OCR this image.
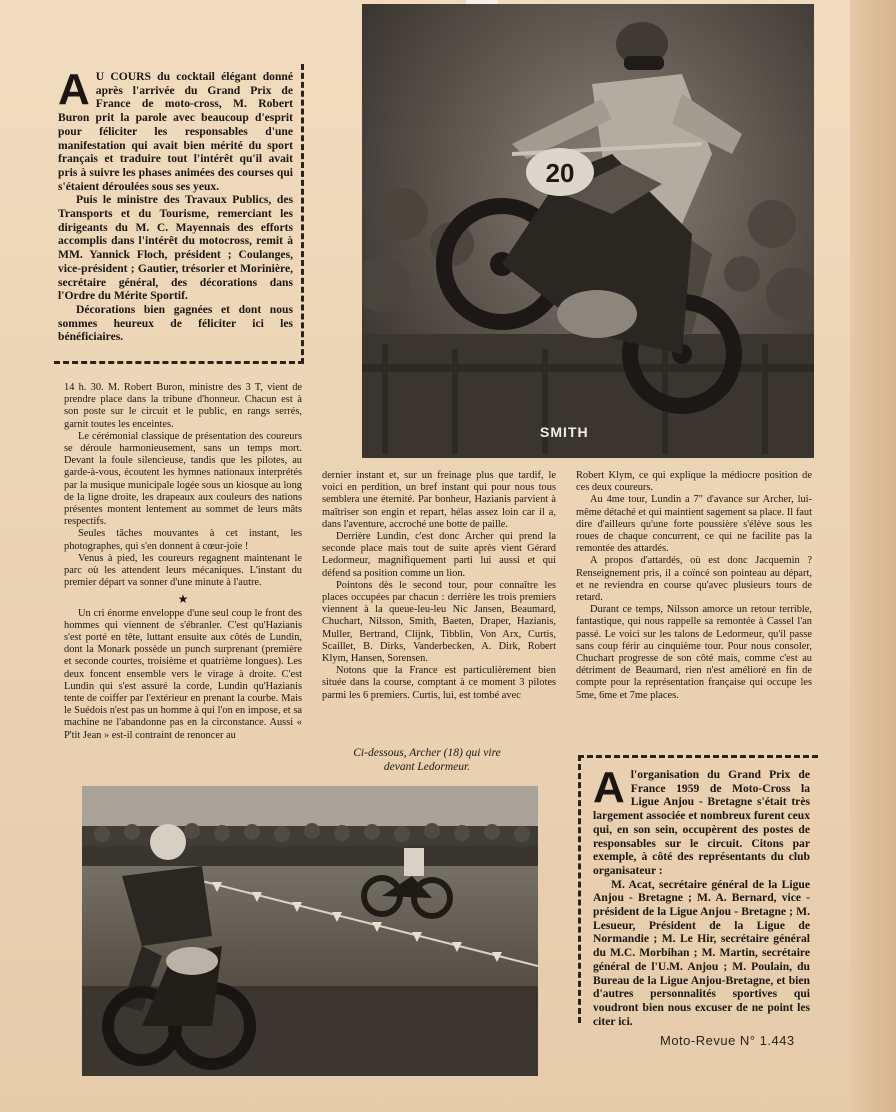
A U COURS du cocktail élégant donné après l'arrivée du Grand Prix de France de moto-cross, M. Robert Buron prit la parole avec beaucoup d'esprit pour féliciter les responsables d'une manifestation qui avait bien mérité du sport français et traduire tout l'intérêt qu'il avait pris à suivre les phases animées des courses qui s'étaient déroulées sous ses yeux.

Puis le ministre des Travaux Publics, des Transports et du Tourisme, remerciant les dirigeants du M. C. Mayennais des efforts accomplis dans l'intérêt du motocross, remit à MM. Yannick Floch, président ; Coulanges, vice-président ; Gautier, trésorier et Morinière, secrétaire général, des décorations dans l'Ordre du Mérite Sportif.

Décorations bien gagnées et dont nous sommes heureux de féliciter ici les bénéficiaires.

20
SMITH

14 h. 30. M. Robert Buron, ministre des 3 T, vient de prendre place dans la tribune d'honneur. Chacun est à son poste sur le circuit et le public, en rangs serrés, garnit toutes les enceintes.

Le cérémonial classique de présentation des coureurs se déroule harmonieusement, sans un temps mort. Devant la foule silencieuse, tandis que les pilotes, au garde-à-vous, écoutent les hymnes nationaux interprétés par la musique municipale logée sous un kiosque au long de la ligne droite, les drapeaux aux couleurs des nations présentes montent lentement au sommet de leurs mâts respectifs.

Seules tâches mouvantes à cet instant, les photographes, qui s'en donnent à cœur-joie !

Venus à pied, les coureurs regagnent maintenant le parc où les attendent leurs mécaniques. L'instant du premier départ va sonner d'une minute à l'autre.

★

Un cri énorme enveloppe d'une seul coup le front des hommes qui viennent de s'ébranler. C'est qu'Hazianis s'est porté en tête, luttant ensuite aux côtés de Lundin, dont la Monark possède un punch surprenant (première et seconde courtes, troisième et quatrième longues). Les deux foncent ensemble vers le virage à droite. C'est Lundin qui s'est assuré la corde, Lundin qu'Hazianis tente de coiffer par l'extérieur en prenant la courbe. Mais le Suédois n'est pas un homme à qui l'on en impose, et sa machine ne l'abandonne pas en la circonstance. Aussi « P'tit Jean » est-il contraint de renoncer au

dernier instant et, sur un freinage plus que tardif, le voici en perdition, un bref instant qui pour nous tous semblera une éternité. Par bonheur, Hazianis parvient à maîtriser son engin et repart, hélas assez loin car il a, dans l'aventure, accroché une botte de paille.

Derrière Lundin, c'est donc Archer qui prend la seconde place mais tout de suite après vient Gérard Ledormeur, magnifiquement parti lui aussi et qui défend sa position comme un lion.

Pointons dès le second tour, pour connaître les places occupées par chacun : derrière les trois premiers viennent à la queue-leu-leu Nic Jansen, Beaumard, Chuchart, Nilsson, Smith, Baeten, Draper, Hazianis, Muller, Bertrand, Clijnk, Tibblin, Von Arx, Curtis, Scaillet, B. Dirks, Vanderbecken, A. Dirk, Robert Klym, Hansen, Sorensen.

Notons que la France est particulièrement bien située dans la course, comptant à ce moment 3 pilotes parmi les 6 premiers. Curtis, lui, est tombé avec

Robert Klym, ce qui explique la médiocre position de ces deux coureurs.

Au 4me tour, Lundin a 7" d'avance sur Archer, lui-même détaché et qui maintient sagement sa place. Il faut dire d'ailleurs qu'une forte poussière s'élève sous les roues de chaque concurrent, ce qui ne facilite pas la remontée des attardés.

A propos d'attardés, où est donc Jacquemin ? Renseignement pris, il a coïncé son pointeau au départ, et ne reviendra en course qu'avec plusieurs tours de retard.

Durant ce temps, Nilsson amorce un retour terrible, fantastique, qui nous rappelle sa remontée à Cassel l'an passé. Le voici sur les talons de Ledormeur, qu'il passe sans coup férir au cinquième tour. Pour nous consoler, Chuchart progresse de son côté mais, comme c'est au détriment de Beaumard, rien n'est amélioré en fin de compte pour la représentation française qui occupe les 5me, 6me et 7me places.

Ci-dessous, Archer (18) qui vire
devant Ledormeur.	A l'organisation du Grand Prix de France 1959 de Moto-Cross la Ligue Anjou - Bretagne s'était très largement associée et nombreux furent ceux qui, en son sein, occupèrent des postes de responsables sur le circuit. Citons par exemple, à côté des représentants du club organisateur :

M. Acat, secrétaire général de la Ligue Anjou - Bretagne ; M. A. Bernard, vice - président de la Ligue Anjou - Bretagne ; M. Lesueur, Président de la Ligue de Normandie ; M. Le Hir, secrétaire général du M.C. Morbihan ; M. Martin, secrétaire général de l'U.M. Anjou ; M. Poulain, du Bureau de la Ligue Anjou-Bretagne, et bien d'autres personnalités sportives qui voudront bien nous excuser de ne point les citer ici.

Moto-Revue N° 1.443
